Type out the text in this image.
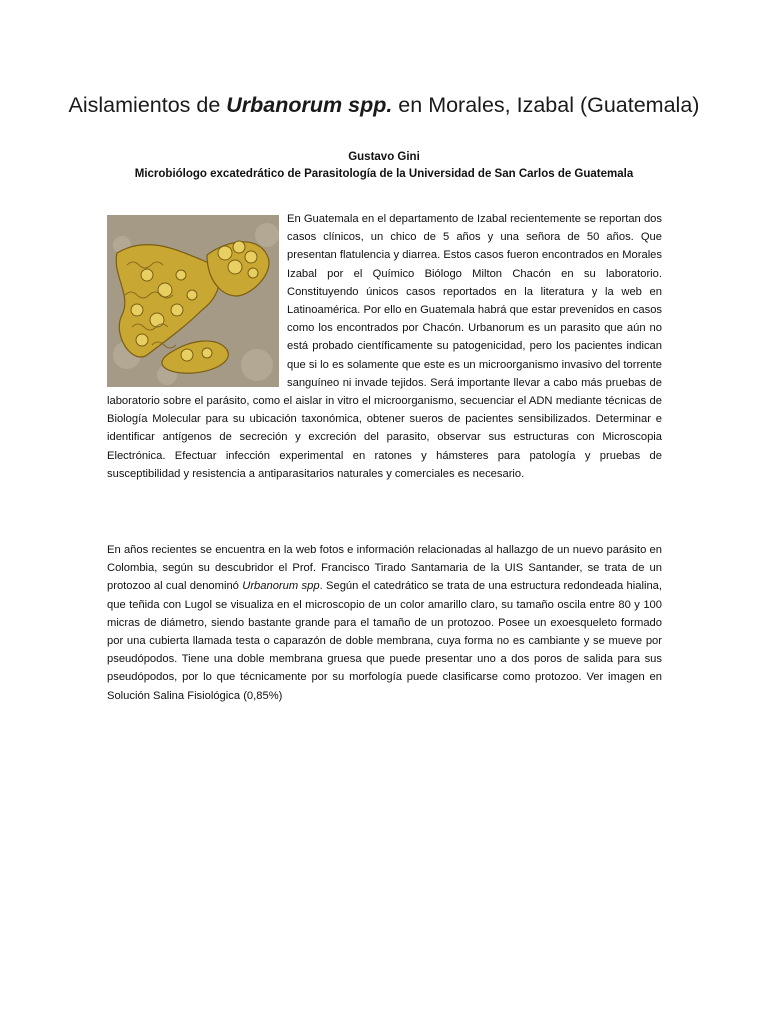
Aislamientos de Urbanorum spp. en Morales, Izabal (Guatemala)
Gustavo Gini
Microbiólogo excatedrático de Parasitología de la Universidad de San Carlos de Guatemala

En Guatemala en el departamento de Izabal recientemente se reportan dos casos clínicos, un chico de 5 años y una señora de 50 años. Que presentan flatulencia y diarrea. Estos casos fueron encontrados en Morales Izabal por el Químico Biólogo Milton Chacón en su laboratorio. Constituyendo únicos casos reportados en la literatura y la web en Latinoamérica. Por ello en Guatemala habrá que estar prevenidos en casos como los encontrados por Chacón. Urbanorum es un parasito que aún no está probado científicamente su patogenicidad, pero los pacientes indican que si lo es solamente que este es un microorganismo invasivo del torrente sanguíneo ni invade tejidos. Será importante llevar a cabo más pruebas de laboratorio sobre el parásito, como el aislar in vitro el microorganismo, secuenciar el ADN mediante técnicas de Biología Molecular para su ubicación taxonómica, obtener sueros de pacientes sensibilizados. Determinar e identificar antígenos de secreción y excreción del parasito, observar sus estructuras con Microscopia Electrónica. Efectuar infección experimental en ratones y hámsteres para patología y pruebas de susceptibilidad y resistencia a antiparasitarios naturales y comerciales es necesario.

En años recientes se encuentra en la web fotos e información relacionadas al hallazgo de un nuevo parásito en Colombia, según su descubridor el Prof. Francisco Tirado Santamaria de la UIS Santander, se trata de un protozoo al cual denominó Urbanorum spp. Según el catedrático se trata de una estructura redondeada hialina, que teñida con Lugol se visualiza en el microscopio de un color amarillo claro, su tamaño oscila entre 80 y 100 micras de diámetro, siendo bastante grande para el tamaño de un protozoo. Posee un exoesqueleto formado por una cubierta llamada testa o caparazón de doble membrana, cuya forma no es cambiante y se mueve por pseudópodos. Tiene una doble membrana gruesa que puede presentar uno a dos poros de salida para sus pseudópodos, por lo que técnicamente por su morfología puede clasificarse como protozoo. Ver imagen en Solución Salina Fisiológica (0,85%)
